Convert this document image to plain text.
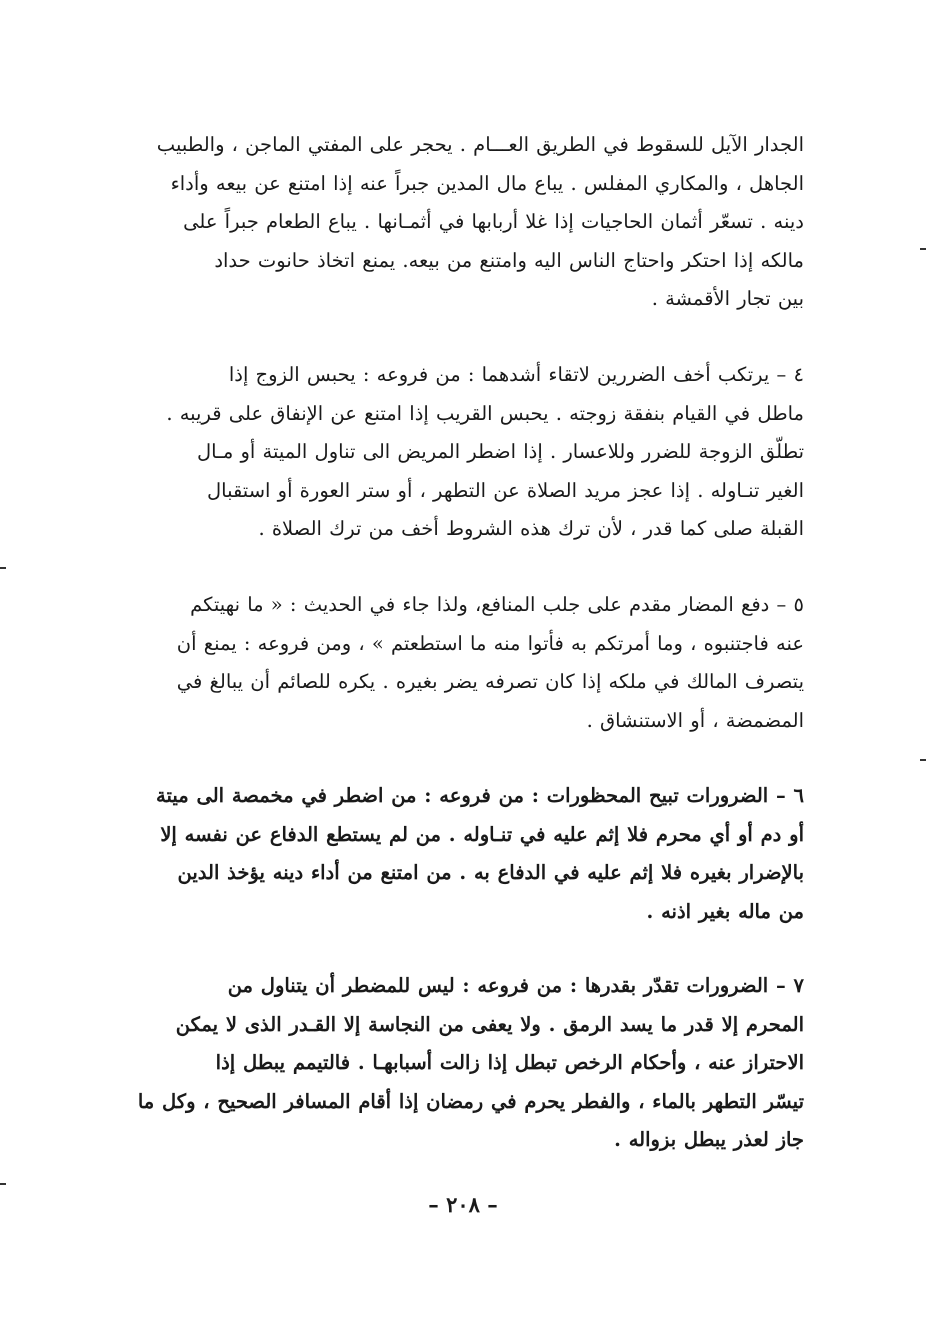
الجدار الآيل للسقوط في الطريق العـــام . يحجر على المفتي الماجن ، والطبيب

الجاهل ، والمكاري المفلس . يباع مال المدين جبراً عنه إذا امتنع عن بيعه وأداء

دينه . تسعّر أثمان الحاجيات إذا غلا أربابها في أثمـانها . يباع الطعام جبراً على

مالكه إذا احتكر واحتاج الناس اليه وامتنع من بيعه. يمنع اتخاذ حانوت حداد

بين تجار الأقمشة .

٤ – يرتكب أخف الضررين لاتقاء أشدهما : من فروعه : يحبس الزوج إذا

ماطل في القيام بنفقة زوجته . يحبس القريب إذا امتنع عن الإنفاق على قريبه .

تطلّق الزوجة للضرر وللاعسار . إذا اضطر المريض الى تناول الميتة أو مـال

الغير تنـاوله . إذا عجز مريد الصلاة عن التطهر ، أو ستر العورة أو استقبال

القبلة صلى كما قدر ، لأن ترك هذه الشروط أخف من ترك الصلاة .

٥ – دفع المضار مقدم على جلب المنافع، ولذا جاء في الحديث : « ما نهيتكم

عنه فاجتنبوه ، وما أمرتكم به فأتوا منه ما استطعتم » ، ومن فروعه : يمنع أن

يتصرف المالك في ملكه إذا كان تصرفه يضر بغيره . يكره للصائم أن يبالغ في

المضمضة ، أو الاستنشاق .

٦ – الضرورات تبيح المحظورات : من فروعه : من اضطر في مخمصة الى ميتة

أو دم أو أي محرم فلا إثم عليه في تنـاوله . من لم يستطع الدفاع عن نفسه إلا

بالإضرار بغيره فلا إثم عليه في الدفاع به . من امتنع من أداء دينه يؤخذ الدين

من ماله بغير اذنه .

٧ – الضرورات تقدّر بقدرها : من فروعه : ليس للمضطر أن يتناول من

المحرم إلا قدر ما يسد الرمق . ولا يعفى من النجاسة إلا القـدر الذى لا يمكن

الاحتراز عنه ، وأحكام الرخص تبطل إذا زالت أسبابهـا . فالتيمم يبطل إذا

تيسّر التطهر بالماء ، والفطر يحرم في رمضان إذا أقام المسافر الصحيح ، وكل ما

جاز لعذر يبطل بزواله .

– ٢٠٨ –
